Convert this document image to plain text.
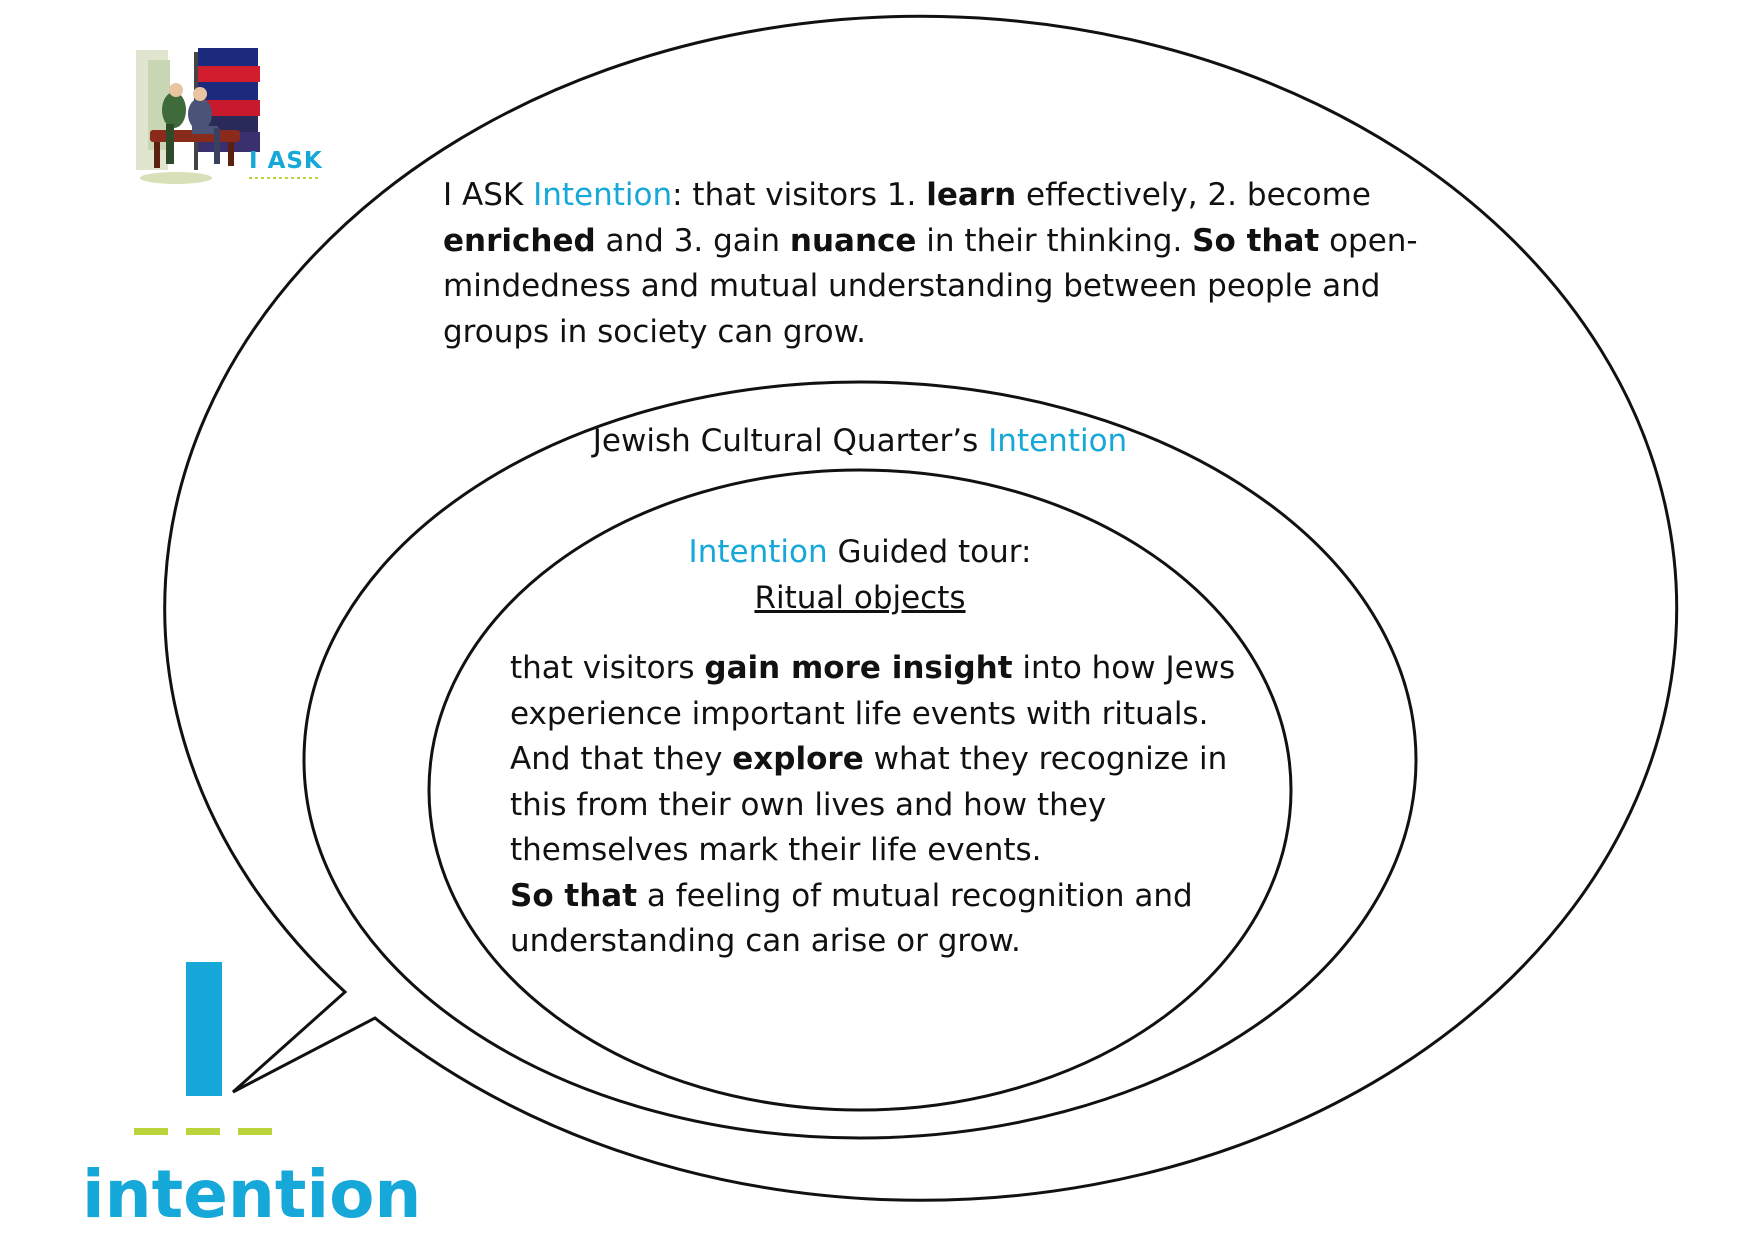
I ASK
I ASK Intention: that visitors 1. learn effectively, 2. become enriched and 3. gain nuance in their thinking. So that open-mindedness and mutual understanding between people and groups in society can grow.
Jewish Cultural Quarter’s Intention
Intention Guided tour:
Ritual objects
that visitors gain more insight into how Jews experience important life events with rituals. And that they explore what they recognize in this from their own lives and how they themselves mark their life events.
So that a feeling of mutual recognition and understanding can arise or grow.
intention
